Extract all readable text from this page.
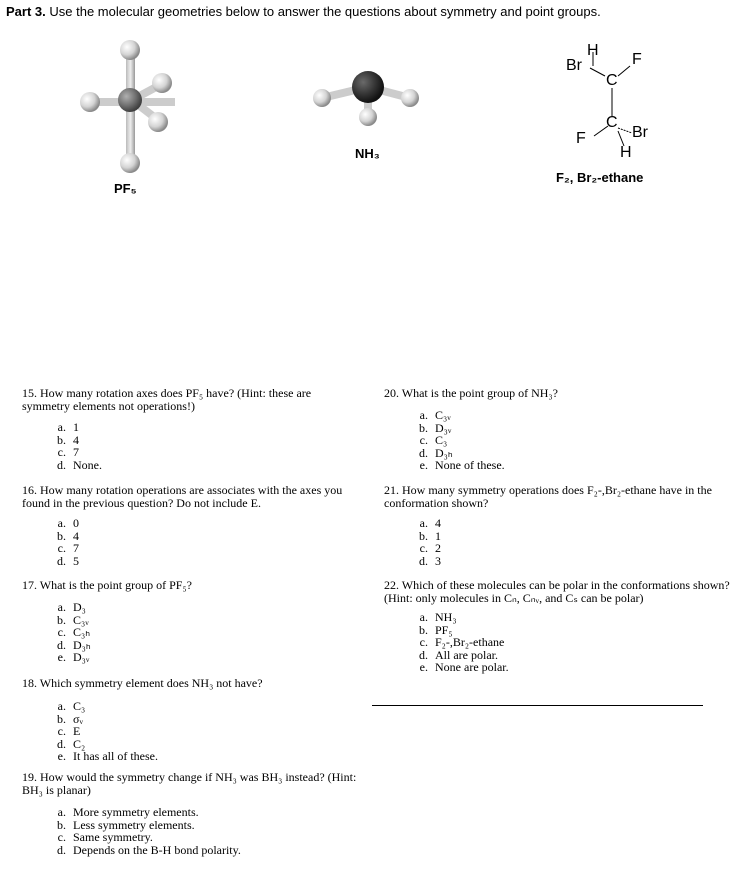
Part 3. Use the molecular geometries below to answer the questions about symmetry and point groups.
PF₅
NH₃
H
Br
C
F
F
C
Br
H
F₂, Br₂-ethane
15. How many rotation axes does PF₅ have? (Hint: these are symmetry elements not operations!)
a. 1
b. 4
c. 7
d. None.
16. How many rotation operations are associates with the axes you found in the previous question? Do not include E.
a. 0
b. 4
c. 7
d. 5
17. What is the point group of PF₅?
a. D₃
b. C₃ᵥ
c. C₃ₕ
d. D₃ₕ
e. D₃ᵥ
18. Which symmetry element does NH₃ not have?
a. C₃
b. σᵥ
c. E
d. C₂
e. It has all of these.
19. How would the symmetry change if NH₃ was BH₃ instead? (Hint: BH₃ is planar)
a. More symmetry elements.
b. Less symmetry elements.
c. Same symmetry.
d. Depends on the B-H bond polarity.
20. What is the point group of NH₃?
a. C₃ᵥ
b. D₃ᵥ
c. C₃
d. D₃ₕ
e. None of these.
21. How many symmetry operations does F₂-,Br₂-ethane have in the conformation shown?
a. 4
b. 1
c. 2
d. 3
22. Which of these molecules can be polar in the conformations shown? (Hint: only molecules in Cₙ, Cₙᵥ, and Cₛ can be polar)
a. NH₃
b. PF₅
c. F₂-,Br₂-ethane
d. All are polar.
e. None are polar.
